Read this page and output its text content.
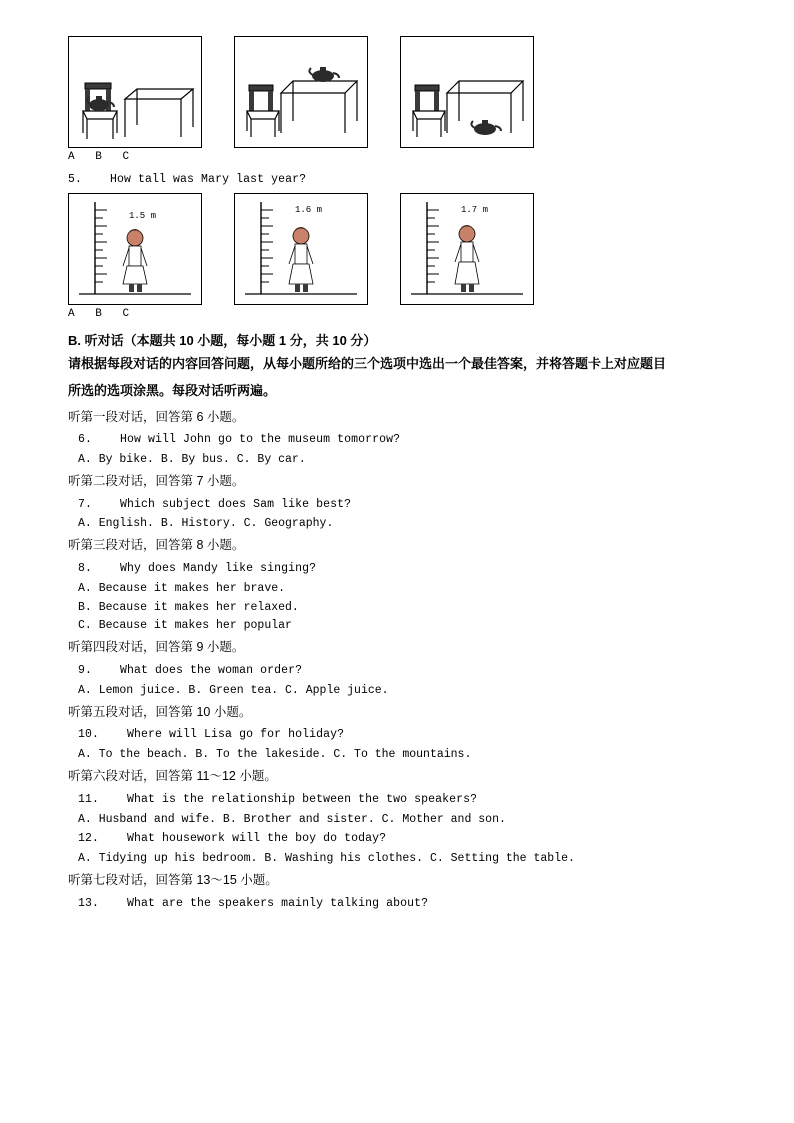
A B C
5. How tall was Mary last year?
1.5 m
1.6 m	1.7 m
A B C
B. 听对话（本题共 10 小题，每小题 1 分，共 10 分）
请根据每段对话的内容回答问题，从每小题所给的三个选项中选出一个最佳答案，并将答题卡上对应题目
所选的选项涂黑。每段对话听两遍。
听第一段对话，回答第 6 小题。
6. How will John go to the museum tomorrow?
A. By bike. B. By bus. C. By car.
听第二段对话，回答第 7 小题。
7. Which subject does Sam like best?
A. English. B. History. C. Geography.
听第三段对话，回答第 8 小题。
8. Why does Mandy like singing?
A. Because it makes her brave.
B. Because it makes her relaxed.
C. Because it makes her popular
听第四段对话，回答第 9 小题。
9. What does the woman order?
A. Lemon juice. B. Green tea. C. Apple juice.
听第五段对话，回答第 10 小题。
10. Where will Lisa go for holiday?
A. To the beach. B. To the lakeside. C. To the mountains.
听第六段对话，回答第 11～12 小题。
11. What is the relationship between the two speakers?
A. Husband and wife. B. Brother and sister. C. Mother and son.
12. What housework will the boy do today?
A. Tidying up his bedroom. B. Washing his clothes. C. Setting the table.
听第七段对话，回答第 13～15 小题。
13. What are the speakers mainly talking about?
